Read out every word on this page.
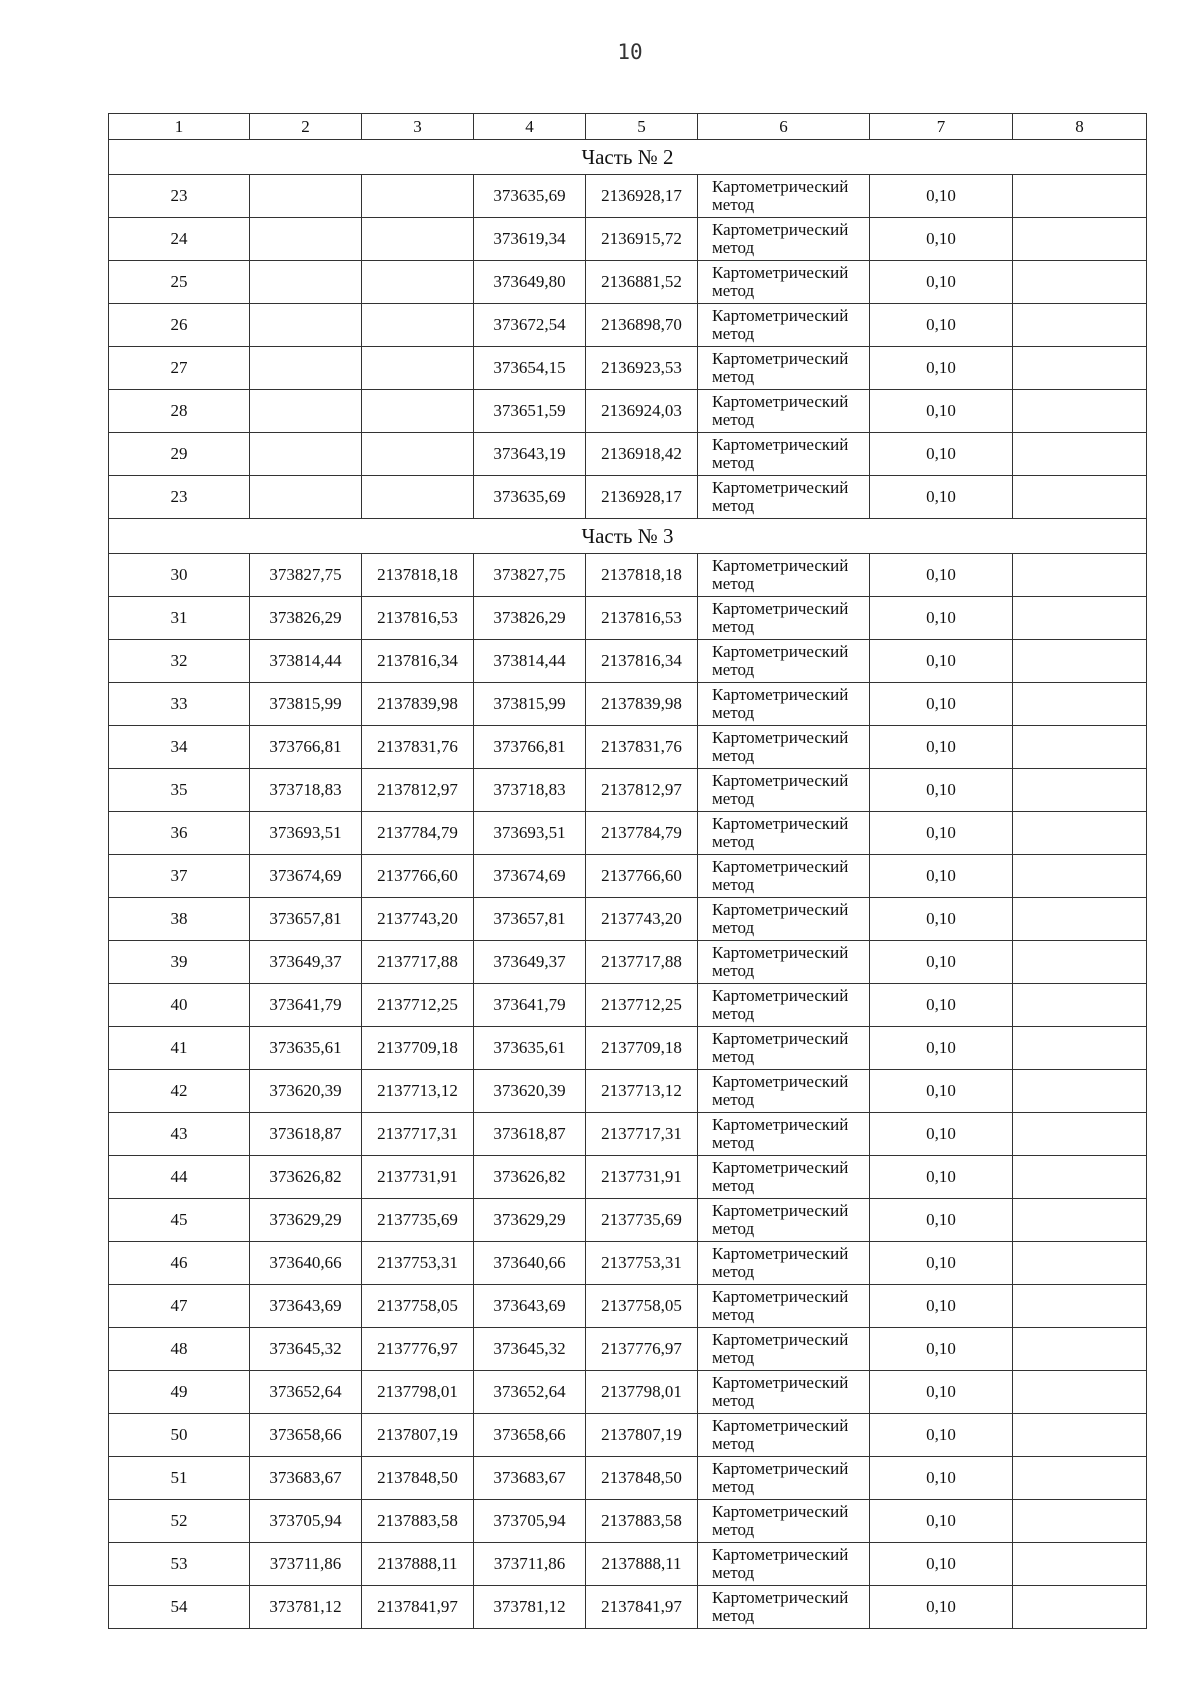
10
1	2	3	4	5	6	7	8
Часть № 2							
23			373635,69	2136928,17	Картометрический метод	0,10	
24			373619,34	2136915,72	Картометрический метод	0,10	
25			373649,80	2136881,52	Картометрический метод	0,10	
26			373672,54	2136898,70	Картометрический метод	0,10	
27			373654,15	2136923,53	Картометрический метод	0,10	
28			373651,59	2136924,03	Картометрический метод	0,10	
29			373643,19	2136918,42	Картометрический метод	0,10	
23			373635,69	2136928,17	Картометрический метод	0,10	
Часть № 3							
30	373827,75	2137818,18	373827,75	2137818,18	Картометрический метод	0,10	
31	373826,29	2137816,53	373826,29	2137816,53	Картометрический метод	0,10	
32	373814,44	2137816,34	373814,44	2137816,34	Картометрический метод	0,10	
33	373815,99	2137839,98	373815,99	2137839,98	Картометрический метод	0,10	
34	373766,81	2137831,76	373766,81	2137831,76	Картометрический метод	0,10	
35	373718,83	2137812,97	373718,83	2137812,97	Картометрический метод	0,10	
36	373693,51	2137784,79	373693,51	2137784,79	Картометрический метод	0,10	
37	373674,69	2137766,60	373674,69	2137766,60	Картометрический метод	0,10	
38	373657,81	2137743,20	373657,81	2137743,20	Картометрический метод	0,10	
39	373649,37	2137717,88	373649,37	2137717,88	Картометрический метод	0,10	
40	373641,79	2137712,25	373641,79	2137712,25	Картометрический метод	0,10	
41	373635,61	2137709,18	373635,61	2137709,18	Картометрический метод	0,10	
42	373620,39	2137713,12	373620,39	2137713,12	Картометрический метод	0,10	
43	373618,87	2137717,31	373618,87	2137717,31	Картометрический метод	0,10	
44	373626,82	2137731,91	373626,82	2137731,91	Картометрический метод	0,10	
45	373629,29	2137735,69	373629,29	2137735,69	Картометрический метод	0,10	
46	373640,66	2137753,31	373640,66	2137753,31	Картометрический метод	0,10	
47	373643,69	2137758,05	373643,69	2137758,05	Картометрический метод	0,10	
48	373645,32	2137776,97	373645,32	2137776,97	Картометрический метод	0,10	
49	373652,64	2137798,01	373652,64	2137798,01	Картометрический метод	0,10	
50	373658,66	2137807,19	373658,66	2137807,19	Картометрический метод	0,10	
51	373683,67	2137848,50	373683,67	2137848,50	Картометрический метод	0,10	
52	373705,94	2137883,58	373705,94	2137883,58	Картометрический метод	0,10	
53	373711,86	2137888,11	373711,86	2137888,11	Картометрический метод	0,10	
54	373781,12	2137841,97	373781,12	2137841,97	Картометрический метод	0,10	
